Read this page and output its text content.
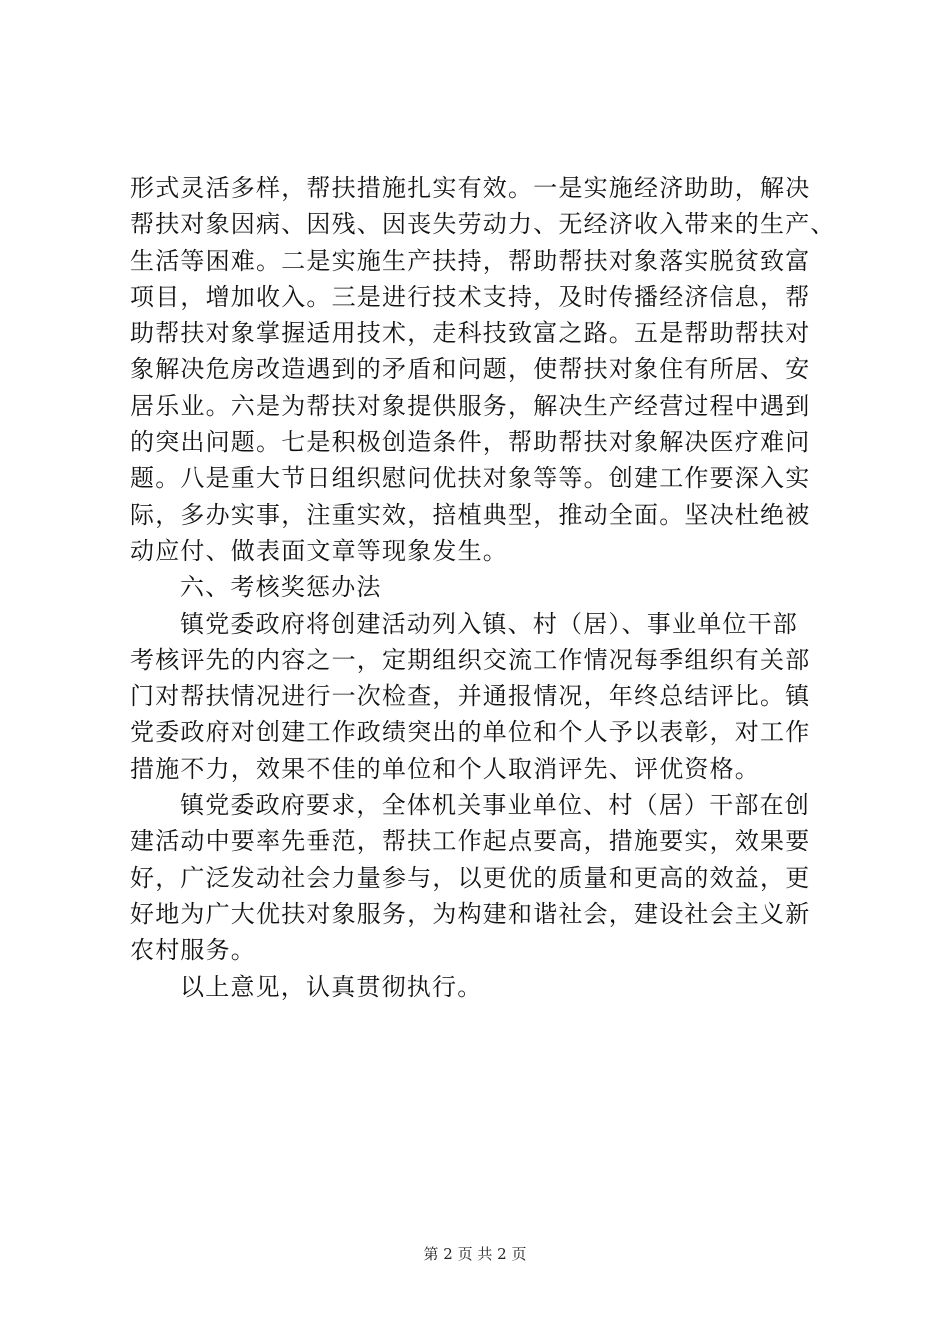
形式灵活多样，帮扶措施扎实有效。一是实施经济助助，解决
帮扶对象因病、因残、因丧失劳动力、无经济收入带来的生产、
生活等困难。二是实施生产扶持，帮助帮扶对象落实脱贫致富
项目，增加收入。三是进行技术支持，及时传播经济信息，帮
助帮扶对象掌握适用技术，走科技致富之路。五是帮助帮扶对
象解决危房改造遇到的矛盾和问题，使帮扶对象住有所居、安
居乐业。六是为帮扶对象提供服务，解决生产经营过程中遇到
的突出问题。七是积极创造条件，帮助帮扶对象解决医疗难问
题。八是重大节日组织慰问优扶对象等等。创建工作要深入实
际，多办实事，注重实效，掊植典型，推动全面。坚决杜绝被
动应付、做表面文章等现象发生。
六、考核奖惩办法
镇党委政府将创建活动列入镇、村（居）、事业单位干部
考核评先的内容之一，定期组织交流工作情况每季组织有关部
门对帮扶情况进行一次检查，并通报情况，年终总结评比。镇
党委政府对创建工作政绩突出的单位和个人予以表彰，对工作
措施不力，效果不佳的单位和个人取消评先、评优资格。
镇党委政府要求，全体机关事业单位、村（居）干部在创
建活动中要率先垂范，帮扶工作起点要高，措施要实，效果要
好，广泛发动社会力量参与，以更优的质量和更高的效益，更
好地为广大优扶对象服务，为构建和谐社会，建设社会主义新
农村服务。
以上意见，认真贯彻执行。
第 2 页 共 2 页
